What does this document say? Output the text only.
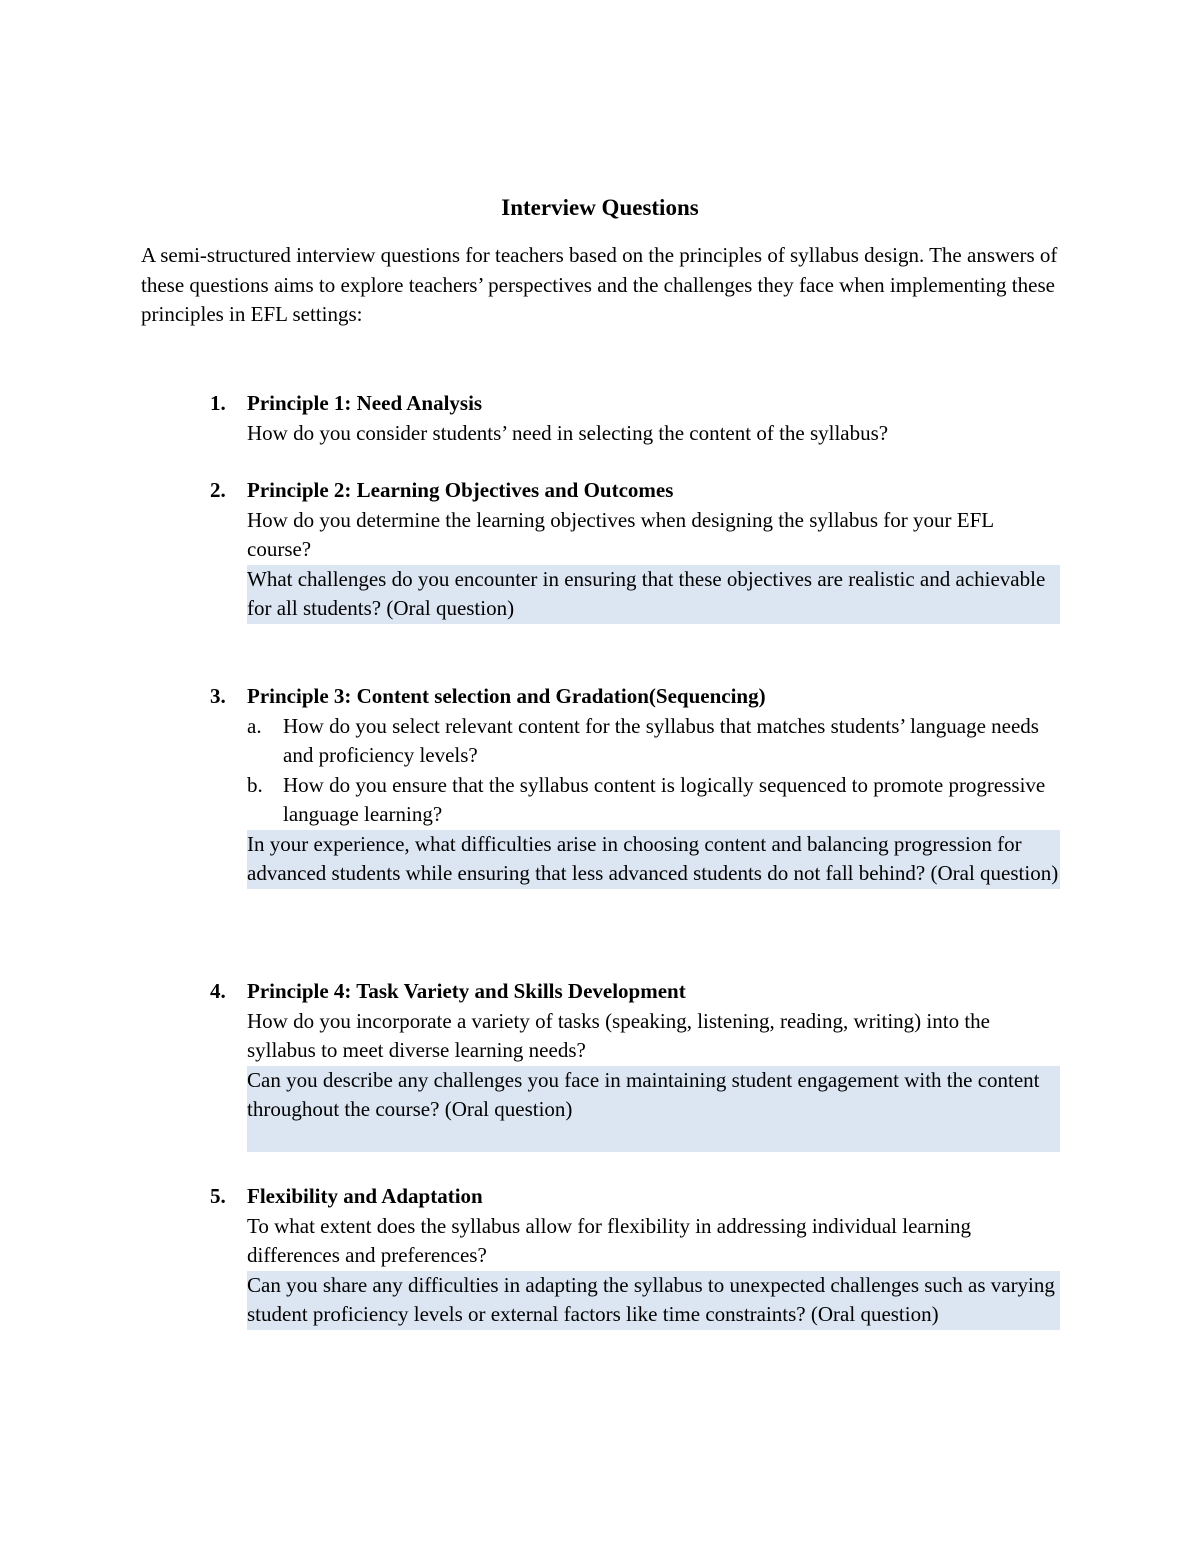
Interview Questions

A semi-structured interview questions for teachers based on the principles of syllabus design. The answers of these questions aims to explore teachers’ perspectives and the challenges they face when implementing these principles in EFL settings:

1.	Principle 1: Need Analysis
How do you consider students’ need in selecting the content of the syllabus?
2.	Principle 2: Learning Objectives and Outcomes
How do you determine the learning objectives when designing the syllabus for your EFL course?
What challenges do you encounter in ensuring that these objectives are realistic and achievable for all students? (Oral question)
3.	Principle 3: Content selection and Gradation(Sequencing)
a. How do you select relevant content for the syllabus that matches students’ language needs and proficiency levels?
b. How do you ensure that the syllabus content is logically sequenced to promote progressive language learning?
In your experience, what difficulties arise in choosing content and balancing progression for advanced students while ensuring that less advanced students do not fall behind? (Oral question)
4.	Principle 4: Task Variety and Skills Development
How do you incorporate a variety of tasks (speaking, listening, reading, writing) into the syllabus to meet diverse learning needs?
Can you describe any challenges you face in maintaining student engagement with the content throughout the course? (Oral question)
5.	Flexibility and Adaptation
To what extent does the syllabus allow for flexibility in addressing individual learning differences and preferences?
Can you share any difficulties in adapting the syllabus to unexpected challenges such as varying student proficiency levels or external factors like time constraints? (Oral question)
